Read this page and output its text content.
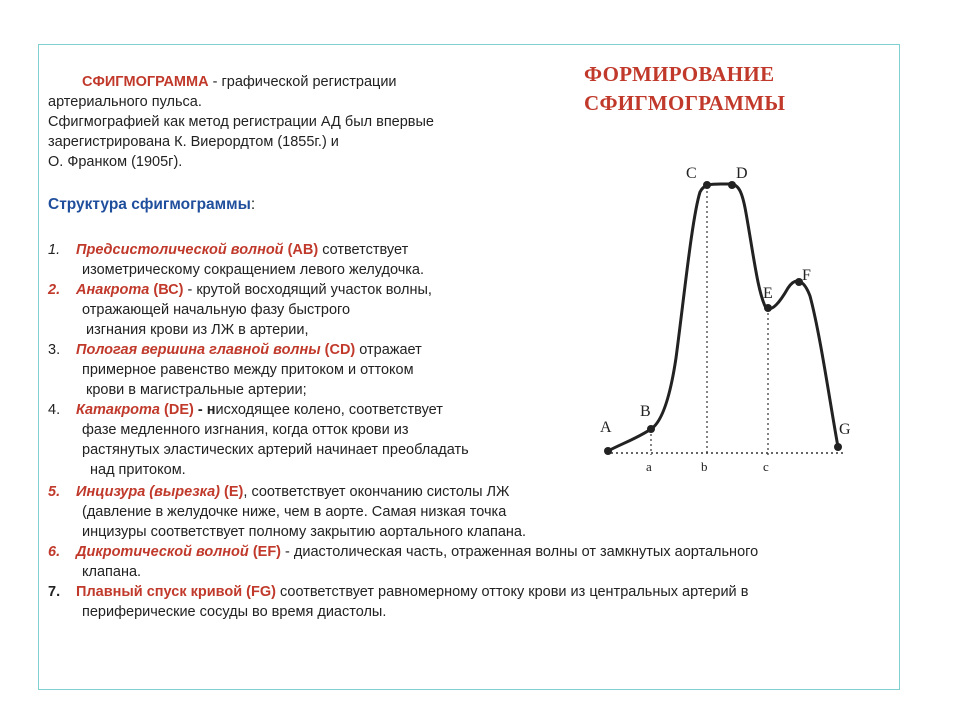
ФОРМИРОВАНИЕ
СФИГМОГРАММЫ
СФИГМОГРАММА - графической регистрации
артериального пульса.
Сфигмографией как метод регистрации АД был впервые
зарегистрирована К. Виерордтом (1855г.) и
О. Франком (1905г).
Структура сфигмограммы:
1. Предсистолической волной (АВ) сответствует
изометрическому сокращением левого желудочка.
2. Анакрота (ВС) - крутой восходящий участок волны,
отражающей начальную фазу быстрого
изгнания крови из ЛЖ в артерии,
3. Пологая вершина главной волны (CD) отражает
примерное равенство между притоком и оттоком
крови в магистральные артерии;
4. Катакрота (DE) - нисходящее колено, соответствует
фазе медленного изгнания, когда отток крови из
растянутых эластических артерий начинает преобладать
над притоком.
5. Инцизура (вырезка) (E), соответствует окончанию систолы ЛЖ
(давление в желудочке ниже, чем в аорте. Самая низкая точка
инцизуры соответствует полному закрытию аортального клапана.
6. Дикротической волной (EF) - диастолическая часть, отраженная волны от замкнутых аортального
клапана.
7. Плавный спуск кривой (FG) соответствует равномерному оттоку крови из центральных артерий в
периферические сосуды во время диастолы.
A
B
C D
E
F
G
a	b	c
